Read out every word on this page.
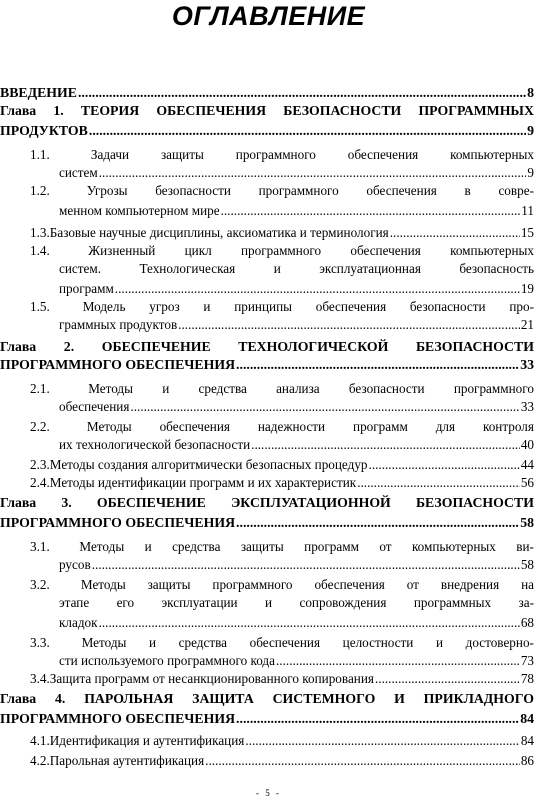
ОГЛАВЛЕНИЕ
ВВЕДЕНИЕ .....	8
Глава 1. ТЕОРИЯ ОБЕСПЕЧЕНИЯ БЕЗОПАСНОСТИ ПРОГРАММНЫХ
ПРОДУКТОВ .....	9
1.1.	Задачи защиты программного обеспечения компьютерных
систем .....	9
1.2.	Угрозы безопасности программного обеспечения в совре-
менном компьютерном мире .....	11
1.3. Базовые научные дисциплины, аксиоматика и терминология .....	15
1.4.	Жизненный цикл программного обеспечения компьютерных
систем.	Технологическая	и	эксплуатационная	безопасность
программ .....	19
1.5.	Модель угроз и принципы обеспечения безопасности про-
граммных продуктов .....	21
Глава 2. ОБЕСПЕЧЕНИЕ ТЕХНОЛОГИЧЕСКОЙ БЕЗОПАСНОСТИ
ПРОГРАММНОГО ОБЕСПЕЧЕНИЯ .....	33
2.1.	Методы и средства анализа безопасности программного
обеспечения .....	33
2.2.	Методы обеспечения надежности программ для контроля
их технологической безопасности .....	40
2.3. Методы создания алгоритмически безопасных процедур .....	44
2.4. Методы идентификации программ и их характеристик .....	56
Глава 3. ОБЕСПЕЧЕНИЕ ЭКСПЛУАТАЦИОННОЙ БЕЗОПАСНОСТИ
ПРОГРАММНОГО ОБЕСПЕЧЕНИЯ .....	58
3.1.	Методы и средства защиты программ от компьютерных ви-
русов .....	58
3.2.	Методы защиты программного обеспечения от внедрения на
этапе его эксплуатации и сопровождения программных за-
кладок .....	68
3.3.	Методы и средства обеспечения целостности и достоверно-
сти используемого программного кода .....	73
3.4. Защита программ от несанкционированного копирования .....	78
Глава 4. ПАРОЛЬНАЯ ЗАЩИТА СИСТЕМНОГО И ПРИКЛАДНОГО
ПРОГРАММНОГО ОБЕСПЕЧЕНИЯ .....	84
4.1. Идентификация и аутентификация .....	84
4.2. Парольная аутентификация .....	86
- 5 -
